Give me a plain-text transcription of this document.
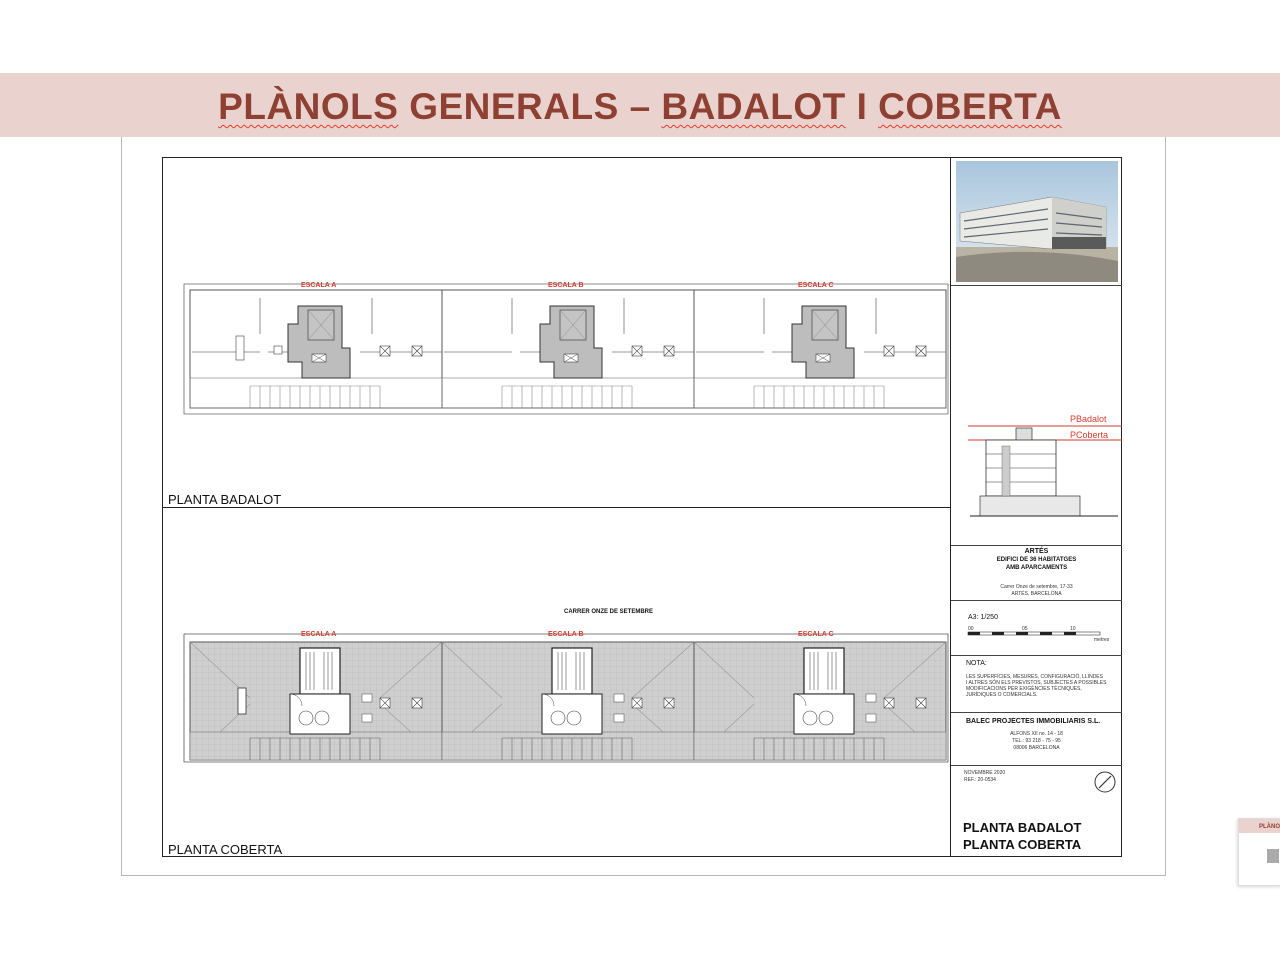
PLÀNOLS GENERALS – BADALOT I COBERTA
PLANTA BADALOT
PLANTA COBERTA
CARRER ONZE DE SETEMBRE
ESCALA A	ESCALA B	ESCALA C
ESCALA A	ESCALA B	ESCALA C
PBadalot
PCoberta
ARTÉS
EDIFICI DE 36 HABITATGES
AMB APARCAMENTS
Carrer Onze de setembre, 17-33
ARTÉS, BARCELONA
A3: 1/250
00	05	10
metres
NOTA:
LES SUPERFÍCIES, MESURES, CONFIGURACIÓ, LLINDES
I ALTRES SÓN ELS PREVISTOS, SUBJECTES A POSSIBLES
MODIFICACIONS PER EXIGÈNCIES TÈCNIQUES,
JURÍDIQUES O COMERCIALS.
BALEC PROJECTES IMMOBILIARIS S.L.
ALFONS XII no. 14 - 18
TEL.: 93 218 - 75 - 95
08006 BARCELONA
NOVEMBRE 2020
REF.: 20-0534
PLANTA BADALOT
PLANTA COBERTA
PLÀNO
